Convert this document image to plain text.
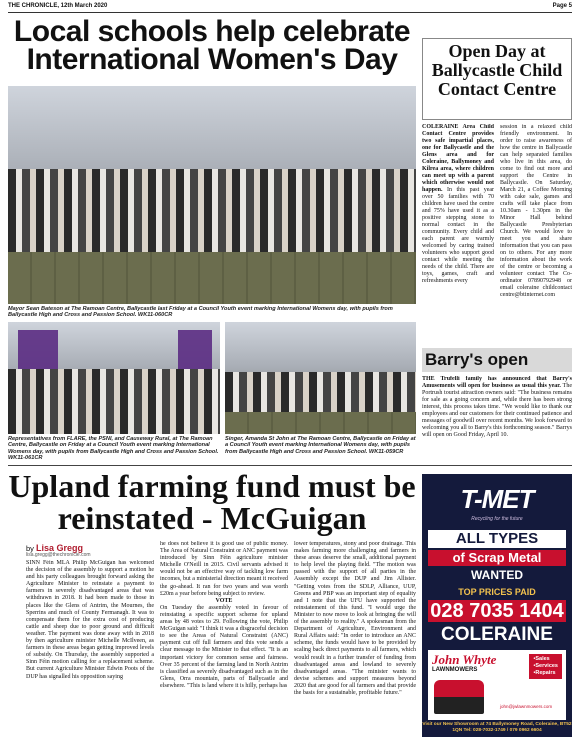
THE CHRONICLE, 12th March 2020	Page 5
Local schools help celebrate International Women's Day
Mayor Sean Bateson at The Ramoan Centre, Ballycastle last Friday at a Council Youth event marking International Womens day, with pupils from Ballycastle High and Cross and Passion School. WK11-060CR
Representatives from FLARE, the PSNI, and Causeway Rural, at The Ramoan Centre, Ballycastle on Friday at a Council Youth event marking International Womens day, with pupils from Ballycastle High and Cross and Passion School. WK11-061CR
Singer, Amanda St John at The Ramoan Centre, Ballycastle on Friday at a Council Youth event marking International Womens day, with pupils from Ballycastle High and Cross and Passion School. WK11-059CR
Open Day at Ballycastle Child Contact Centre
COLERAINE Area Child Contact Centre provides two safe impartial places, one for Ballycastle and the Glens area and for Coleraine, Ballymoney and Kilrea area, where children can meet up with a parent which otherwise would not happen. In this past year over 50 families with 70 children have used the centre and 75% have used it as a positive stepping stone to normal contact in the community. Every child and each parent are warmly welcomed by caring trained volunteers who support good contact while meeting the needs of the child. There are toys, games, craft and refreshments every
session in a relaxed child friendly environment. In order to raise awareness of how the centre in Ballycastle can help separated families who live in this area, do come to find out more and support the Centre in Ballycastle. On Saturday, March 21, a Coffee Morning with cake sale, games and crafts will take place from 10.30am - 1.30pm in the Minor Hall behind Ballycastle Presbyterian Church. We would love to meet you and share information that you can pass on to others. For any more information about the work of the centre or becoming a volunteer contact The Co-ordinator 07890792948 or email coleraine childcontact centre@btinternet.com
Barry's open
THE Trufelli family has announced that Barry's Amusements will open for business as usual this year. The Portrush tourist attraction owners said: "The business remains for sale as a going concern and, while there has been strong interest, this process takes time. "We would like to thank our employees and our customers for their continued patience and messages of goodwill over recent months. We look forward to welcoming you all to Barry's this forthcoming season." Barrys will open on Good Friday, April 10.
Upland farming fund must be reinstated - McGuigan
by Lisa Gregg
lisa.gregg@thechronicle.com
SINN Féin MLA Philip McGuigan has welcomed the decision of the assembly to support a motion he and his party colleagues brought forward asking the Agriculture Minister to reinstate a payment to farmers in severely disadvantaged areas that was withdrawn in 2018. It had been made to those in places like the Glens of Antrim, the Mournes, the Sperrins and much of County Fermanagh. It was to compensate them for the extra cost of producing cattle and sheep due to poor ground and difficult weather. The payment was done away with in 2018 by then agriculture minister Michelle McIlveen, as farmers in these areas began getting improved levels of subsidy. On Thursday, the assembly supported a Sinn Féin motion calling for a replacement scheme. But current Agriculture Minister Edwin Poots of the DUP has signalled his opposition saying

he does not believe it is good use of public money. The Area of Natural Constraint or ANC payment was introduced by Sinn Féin agriculture minister Michelle O'Neill in 2015. Civil servants advised it would not be an effective way of tackling low farm incomes, but a ministerial direction meant it received the go-ahead. It ran for two years and was worth £20m a year before being subject to review.

VOTE

On Tuesday the assembly voted in favour of reinstating a specific support scheme for upland areas by 48 votes to 29. Following the vote, Philip McGuigan said: "I think it was a disgraceful decision to see the Areas of Natural Constraint (ANC) payment cut off full farmers and this vote sends a clear message to the Minister to that effect. "It is an important victory for common sense and fairness. Over 35 percent of the farming land in North Antrim is classified as severely disadvantaged such as in the Glens, Orra mountain, parts of Ballycastle and elsewhere. "This is land where it is hilly, perhaps has

lower temperatures, stony and poor drainage. This makes farming more challenging and farmers in these areas deserve the small, additional payment to help level the playing field. "The motion was passed with the support of all parties in the Assembly except the DUP and Jim Allister. "Getting votes from the SDLP, Alliance, UUP, Greens and PBP was an important step of equality and I note that the UFU have supported the reinstatement of this fund. "I would urge the Minister to now move to look at bringing the will of the assembly to reality." A spokesman from the Department of Agriculture, Environment and Rural Affairs said: "In order to introduce an ANC scheme, the funds would have to be provided by scaling back direct payments to all farmers, which would result in a further transfer of funding from disadvantaged areas and lowland to severely disadvantaged areas. "The minister wants to devise schemes and support measures beyond 2020 that are good for all farmers and that provide the basis for a sustainable, profitable future."
T-MET
Recycling for the future
ALL TYPES
of Scrap Metal
WANTED
TOP PRICES PAID
028 7035 1404
COLERAINE
John Whyte
LAWNMOWERS
•Sales
•Services
•Repairs
john@jwlawnmowers.com
Visit our New Showroom at 74 Ballymoney Road, Coleraine, BT52 1QN Tel: 028-7032-1749 / 079 0962 6604
